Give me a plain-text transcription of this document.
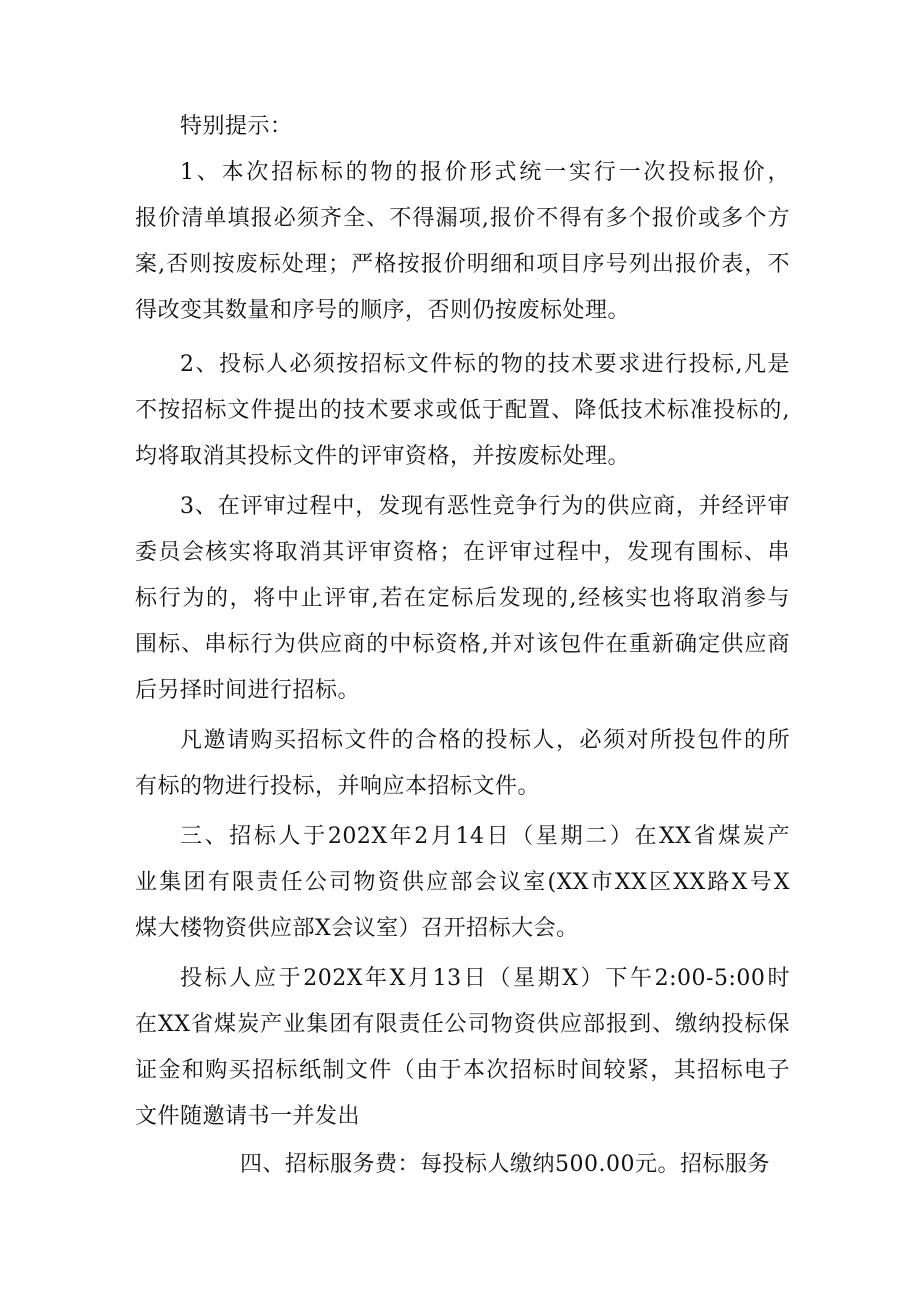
特别提示：
1、本次招标标的物的报价形式统一实行一次投标报价，
报价清单填报必须齐全、不得漏项,报价不得有多个报价或多个方
案,否则按废标处理；严格按报价明细和项目序号列出报价表，不
得改变其数量和序号的顺序，否则仍按废标处理。
2、投标人必须按招标文件标的物的技术要求进行投标,凡是
不按招标文件提出的技术要求或低于配置、降低技术标准投标的,
均将取消其投标文件的评审资格，并按废标处理。
3、在评审过程中，发现有恶性竞争行为的供应商，并经评审
委员会核实将取消其评审资格；在评审过程中，发现有围标、串
标行为的，将中止评审,若在定标后发现的,经核实也将取消参与
围标、串标行为供应商的中标资格,并对该包件在重新确定供应商
后另择时间进行招标。
凡邀请购买招标文件的合格的投标人，必须对所投包件的所
有标的物进行投标，并响应本招标文件。
三、招标人于202X年2月14日（星期二）在XX省煤炭产
业集团有限责任公司物资供应部会议室(XX市XX区XX路X号X
煤大楼物资供应部X会议室）召开招标大会。
投标人应于202X年X月13日（星期X）下午2:00-5:00时
在XX省煤炭产业集团有限责任公司物资供应部报到、缴纳投标保
证金和购买招标纸制文件（由于本次招标时间较紧，其招标电子
文件随邀请书一并发出
四、招标服务费：每投标人缴纳500.00元。招标服务
